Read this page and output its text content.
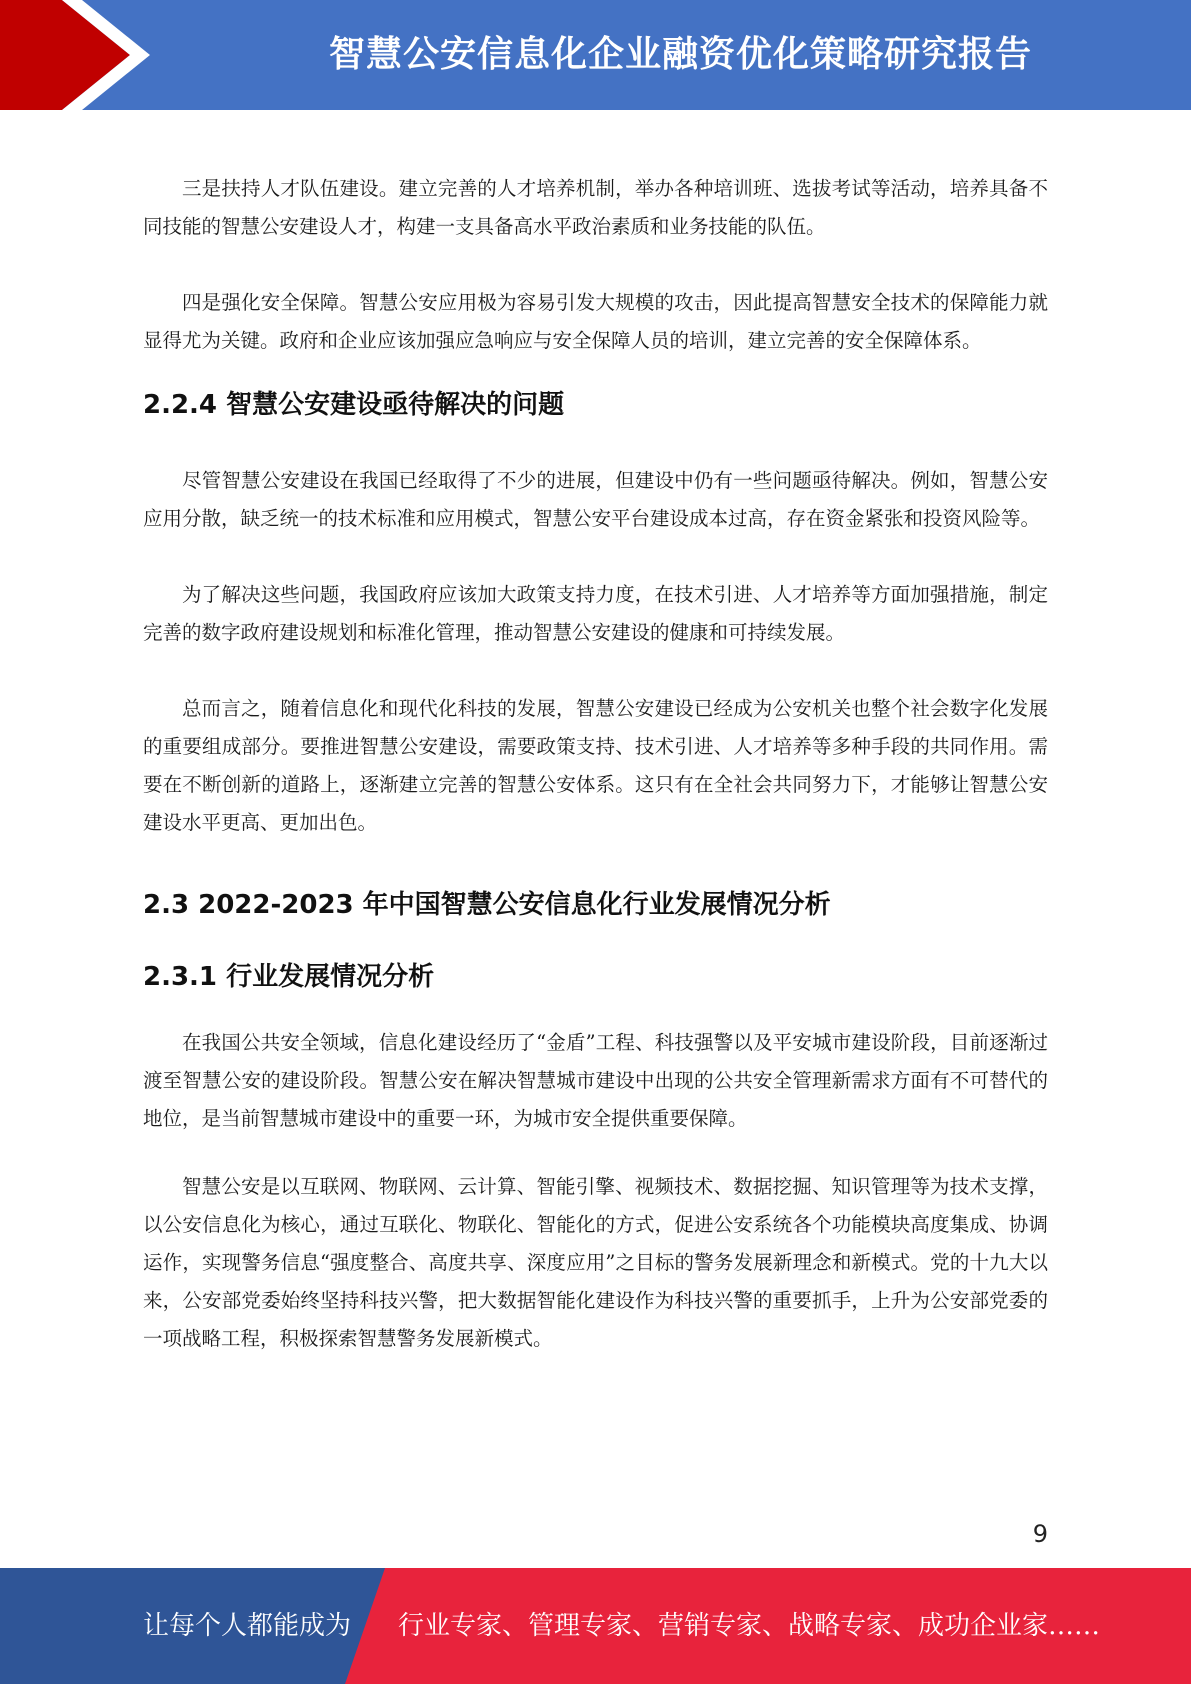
智慧公安信息化企业融资优化策略研究报告

三是扶持人才队伍建设。建立完善的人才培养机制，举办各种培训班、选拔考试等活动，培养具备不同技能的智慧公安建设人才，构建一支具备高水平政治素质和业务技能的队伍。

四是强化安全保障。智慧公安应用极为容易引发大规模的攻击，因此提高智慧安全技术的保障能力就显得尤为关键。政府和企业应该加强应急响应与安全保障人员的培训，建立完善的安全保障体系。

2.2.4 智慧公安建设亟待解决的问题

尽管智慧公安建设在我国已经取得了不少的进展，但建设中仍有一些问题亟待解决。例如，智慧公安应用分散，缺乏统一的技术标准和应用模式，智慧公安平台建设成本过高，存在资金紧张和投资风险等。

为了解决这些问题，我国政府应该加大政策支持力度，在技术引进、人才培养等方面加强措施，制定完善的数字政府建设规划和标准化管理，推动智慧公安建设的健康和可持续发展。

总而言之，随着信息化和现代化科技的发展，智慧公安建设已经成为公安机关也整个社会数字化发展的重要组成部分。要推进智慧公安建设，需要政策支持、技术引进、人才培养等多种手段的共同作用。需要在不断创新的道路上，逐渐建立完善的智慧公安体系。这只有在全社会共同努力下，才能够让智慧公安建设水平更高、更加出色。

2.3 2022-2023 年中国智慧公安信息化行业发展情况分析
2.3.1 行业发展情况分析

在我国公共安全领域，信息化建设经历了“金盾”工程、科技强警以及平安城市建设阶段，目前逐渐过渡至智慧公安的建设阶段。智慧公安在解决智慧城市建设中出现的公共安全管理新需求方面有不可替代的地位，是当前智慧城市建设中的重要一环，为城市安全提供重要保障。

智慧公安是以互联网、物联网、云计算、智能引擎、视频技术、数据挖掘、知识管理等为技术支撑，以公安信息化为核心，通过互联化、物联化、智能化的方式，促进公安系统各个功能模块高度集成、协调运作，实现警务信息“强度整合、高度共享、深度应用”之目标的警务发展新理念和新模式。党的十九大以来，公安部党委始终坚持科技兴警，把大数据智能化建设作为科技兴警的重要抓手，上升为公安部党委的一项战略工程，积极探索智慧警务发展新模式。

9
让每个人都能成为 行业专家、管理专家、营销专家、战略专家、成功企业家……
